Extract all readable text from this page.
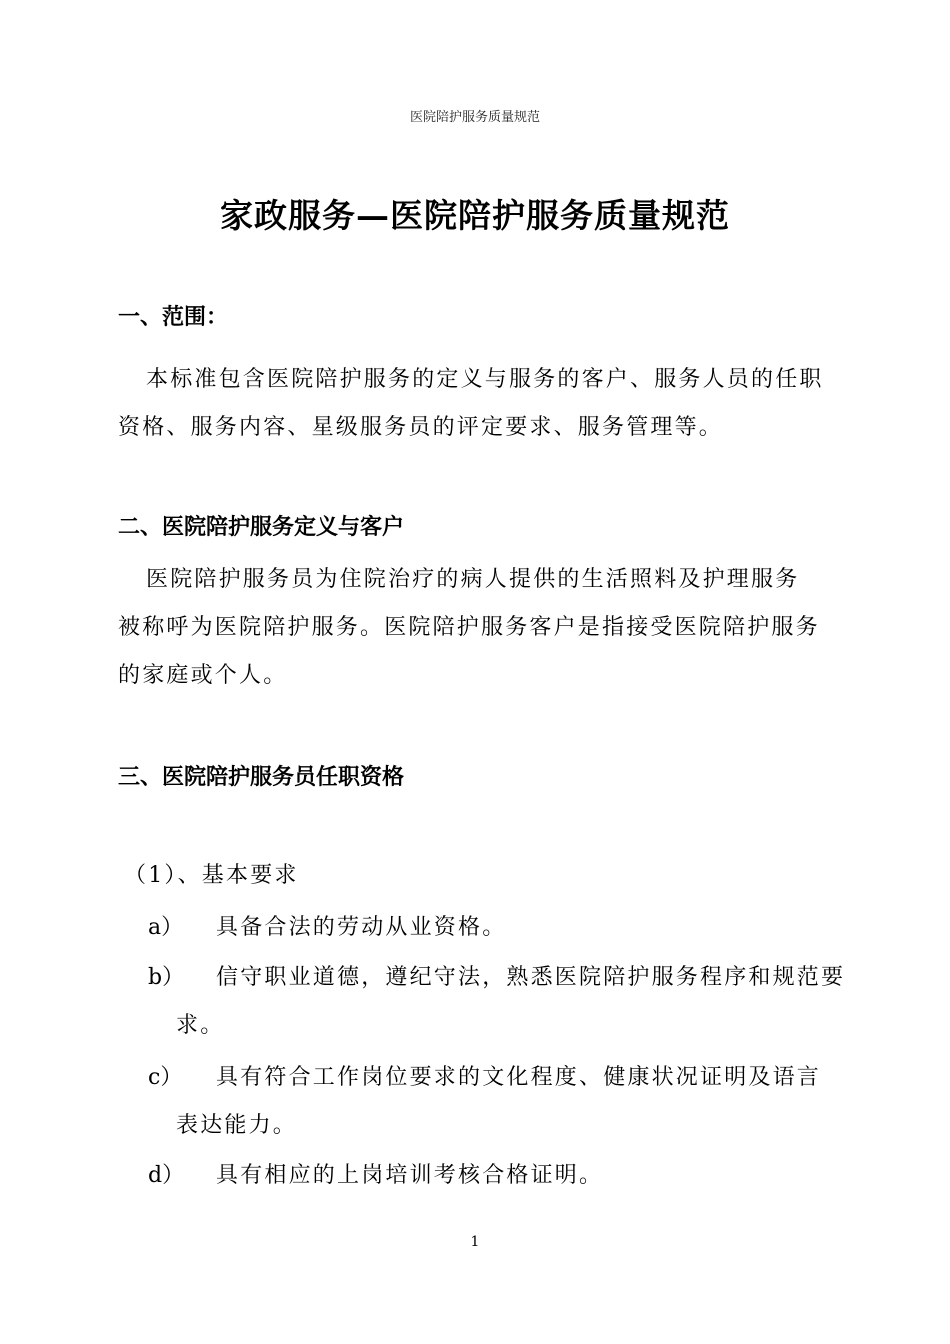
医院陪护服务质量规范
家政服务—医院陪护服务质量规范
一、范围：
本标准包含医院陪护服务的定义与服务的客户、服务人员的任职
资格、服务内容、星级服务员的评定要求、服务管理等。
二、医院陪护服务定义与客户
医院陪护服务员为住院治疗的病人提供的生活照料及护理服务
被称呼为医院陪护服务。医院陪护服务客户是指接受医院陪护服务
的家庭或个人。
三、医院陪护服务员任职资格
（1）、基本要求
a） 具备合法的劳动从业资格。
b） 信守职业道德，遵纪守法，熟悉医院陪护服务程序和规范要
求。
c） 具有符合工作岗位要求的文化程度、健康状况证明及语言
表达能力。
d） 具有相应的上岗培训考核合格证明。
1
